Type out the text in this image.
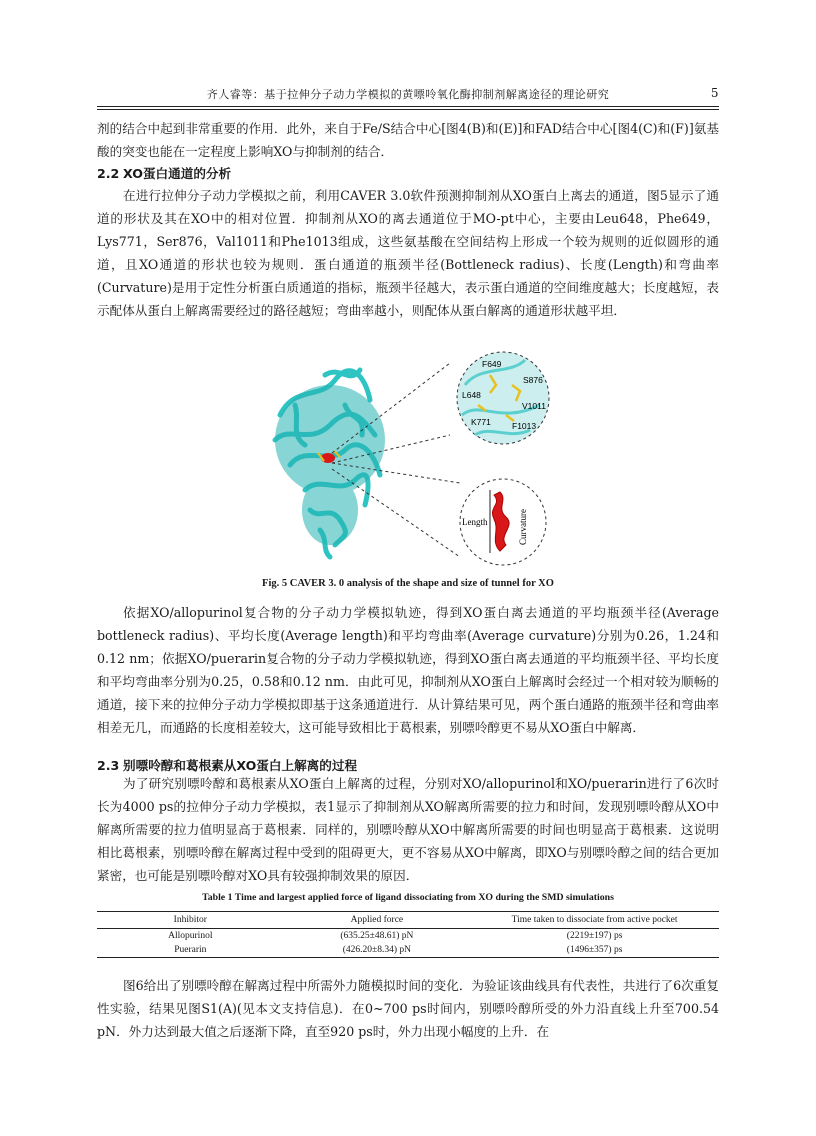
齐人睿等：基于拉伸分子动力学模拟的黄嘌呤氧化酶抑制剂解离途径的理论研究	5

剂的结合中起到非常重要的作用．此外，来自于Fe/S结合中心[图4(B)和(E)]和FAD结合中心[图4(C)和(F)]氨基酸的突变也能在一定程度上影响XO与抑制剂的结合．

2.2 XO蛋白通道的分析

在进行拉伸分子动力学模拟之前，利用CAVER 3.0软件预测抑制剂从XO蛋白上离去的通道，图5显示了通道的形状及其在XO中的相对位置．抑制剂从XO的离去通道位于MO-pt中心，主要由Leu648，Phe649，Lys771，Ser876，Val1011和Phe1013组成，这些氨基酸在空间结构上形成一个较为规则的近似圆形的通道，且XO通道的形状也较为规则．蛋白通道的瓶颈半径(Bottleneck radius)、长度(Length)和弯曲率(Curvature)是用于定性分析蛋白质通道的指标，瓶颈半径越大，表示蛋白通道的空间维度越大；长度越短，表示配体从蛋白上解离需要经过的路径越短；弯曲率越小，则配体从蛋白解离的通道形状越平坦．

F649
S876
L648
V1011
K771 F1013
Length	Curvature
Fig. 5 CAVER 3. 0 analysis of the shape and size of tunnel for XO

依据XO/allopurinol复合物的分子动力学模拟轨迹，得到XO蛋白离去通道的平均瓶颈半径(Average bottleneck radius)、平均长度(Average length)和平均弯曲率(Average curvature)分别为0.26，1.24和0.12 nm；依据XO/puerarin复合物的分子动力学模拟轨迹，得到XO蛋白离去通道的平均瓶颈半径、平均长度和平均弯曲率分别为0.25，0.58和0.12 nm．由此可见，抑制剂从XO蛋白上解离时会经过一个相对较为顺畅的通道，接下来的拉伸分子动力学模拟即基于这条通道进行．从计算结果可见，两个蛋白通路的瓶颈半径和弯曲率相差无几，而通路的长度相差较大，这可能导致相比于葛根素，别嘌呤醇更不易从XO蛋白中解离．

2.3 别嘌呤醇和葛根素从XO蛋白上解离的过程

为了研究别嘌呤醇和葛根素从XO蛋白上解离的过程，分别对XO/allopurinol和XO/puerarin进行了6次时长为4000 ps的拉伸分子动力学模拟，表1显示了抑制剂从XO解离所需要的拉力和时间，发现别嘌呤醇从XO中解离所需要的拉力值明显高于葛根素．同样的，别嘌呤醇从XO中解离所需要的时间也明显高于葛根素．这说明相比葛根素，别嘌呤醇在解离过程中受到的阻碍更大，更不容易从XO中解离，即XO与别嘌呤醇之间的结合更加紧密，也可能是别嘌呤醇对XO具有较强抑制效果的原因．

Table 1 Time and largest applied force of ligand dissociating from XO during the SMD simulations
Inhibitor	Applied force	Time taken to dissociate from active pocket
Allopurinol	(635.25±48.61) pN	(2219±197) ps
Puerarin	(426.20±8.34) pN	(1496±357) ps

图6给出了别嘌呤醇在解离过程中所需外力随模拟时间的变化．为验证该曲线具有代表性，共进行了6次重复性实验，结果见图S1(A)(见本文支持信息)．在0~700 ps时间内，别嘌呤醇所受的外力沿直线上升至700.54 pN．外力达到最大值之后逐渐下降，直至920 ps时，外力出现小幅度的上升．在
